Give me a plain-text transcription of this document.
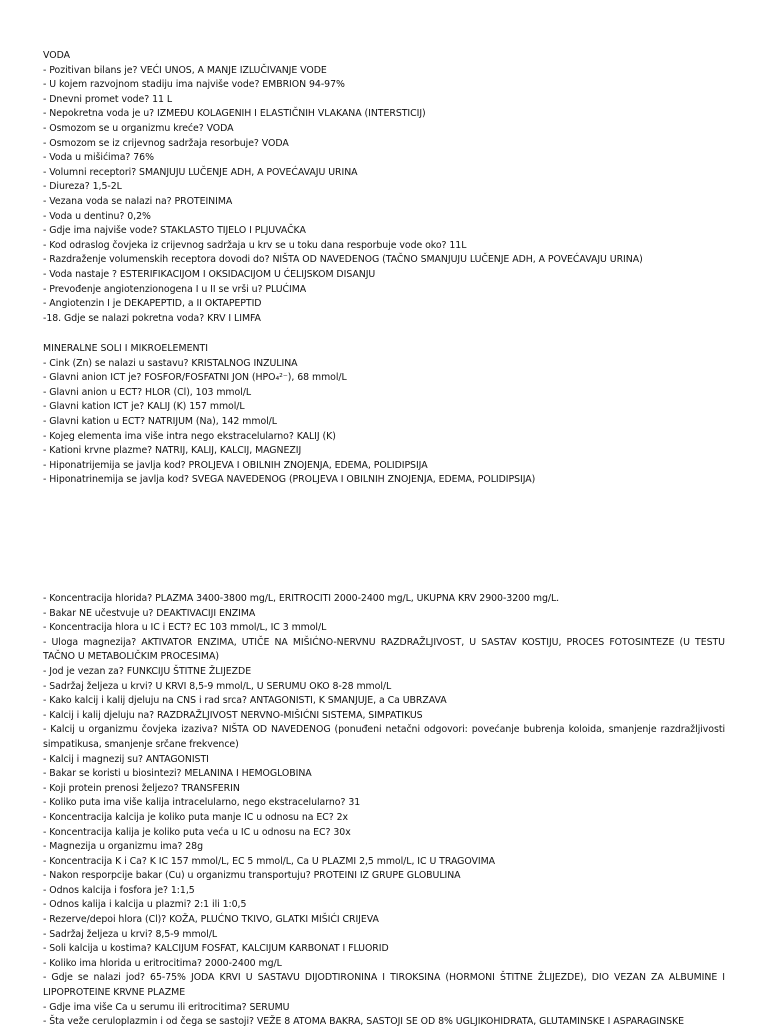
VODA
- Pozitivan bilans je? VEĆI UNOS, A MANJE IZLUČIVANJE VODE
- U kojem razvojnom stadiju ima najviše vode? EMBRION 94-97%
- Dnevni promet vode? 11 L
- Nepokretna voda je u? IZMEĐU KOLAGENIH I ELASTIČNIH VLAKANA (INTERSTICIJ)
- Osmozom se u organizmu kreće? VODA
- Osmozom se iz crijevnog sadržaja resorbuje? VODA
- Voda u mišićima? 76%
- Volumni receptori? SMANJUJU LUČENJE ADH, A POVEĆAVAJU URINA
- Diureza? 1,5-2L
- Vezana voda se nalazi na? PROTEINIMA
- Voda u dentinu? 0,2%
- Gdje ima najviše vode? STAKLASTO TIJELO I PLJUVAČKA
- Kod odraslog čovjeka iz crijevnog sadržaja u krv se u toku dana resporbuje vode oko? 11L
- Razdraženje volumenskih receptora dovodi do? NIŠTA OD NAVEDENOG (TAČNO SMANJUJU LUČENJE ADH, A POVEĆAVAJU URINA)
- Voda nastaje ? ESTERIFIKACIJOM I OKSIDACIJOM U ĆELIJSKOM DISANJU
- Prevođenje angiotenzionogena I u II se vrši u? PLUĆIMA
- Angiotenzin I je DEKAPEPTID, a II OKTAPEPTID
-18. Gdje se nalazi pokretna voda? KRV I LIMFA
MINERALNE SOLI I MIKROELEMENTI
- Cink (Zn) se nalazi u sastavu? KRISTALNOG INZULINA
- Glavni anion ICT je? FOSFOR/FOSFATNI JON (HPO₄²⁻), 68 mmol/L
- Glavni anion u ECT? HLOR (Cl), 103 mmol/L
- Glavni kation ICT je? KALIJ (K) 157 mmol/L
- Glavni kation u ECT? NATRIJUM (Na), 142 mmol/L
- Kojeg elementa ima više intra nego ekstracelularno? KALIJ (K)
- Kationi krvne plazme? NATRIJ, KALIJ, KALCIJ, MAGNEZIJ
- Hiponatrijemija se javlja kod? PROLJEVA I OBILNIH ZNOJENJA, EDEMA, POLIDIPSIJA
- Hiponatrinemija se javlja kod? SVEGA NAVEDENOG (PROLJEVA I OBILNIH ZNOJENJA, EDEMA, POLIDIPSIJA)
- Koncentracija hlorida? PLAZMA 3400-3800 mg/L, ERITROCITI 2000-2400 mg/L, UKUPNA KRV 2900-3200 mg/L.
- Bakar NE učestvuje u? DEAKTIVACIJI ENZIMA
- Koncentracija hlora u IC i ECT? EC 103 mmol/L, IC 3 mmol/L
- Uloga magnezija? AKTIVATOR ENZIMA, UTIČE NA MIŠIĆNO-NERVNU RAZDRAŽLJIVOST, U SASTAV KOSTIJU, PROCES FOTOSINTEZE (U TESTU TAČNO U METABOLIČKIM PROCESIMA)
- Jod je vezan za? FUNKCIJU ŠTITNE ŽLIJEZDE
- Sadržaj željeza u krvi? U KRVI 8,5-9 mmol/L, U SERUMU OKO 8-28 mmol/L
- Kako kalcij i kalij djeluju na CNS i rad srca? ANTAGONISTI, K SMANJUJE, a Ca UBRZAVA
- Kalcij i kalij djeluju na? RAZDRAŽLJIVOST NERVNO-MIŠIĆNI SISTEMA, SIMPATIKUS
- Kalcij u organizmu čovjeka izaziva? NIŠTA OD NAVEDENOG (ponuđeni netačni odgovori: povećanje bubrenja koloida, smanjenje razdražljivosti simpatikusa, smanjenje srčane frekvence)
- Kalcij i magnezij su? ANTAGONISTI
- Bakar se koristi u biosintezi? MELANINA I HEMOGLOBINA
- Koji protein prenosi željezo? TRANSFERIN
- Koliko puta ima više kalija intracelularno, nego ekstracelularno? 31
- Koncentracija kalcija je koliko puta manje IC u odnosu na EC? 2x
- Koncentracija kalija je koliko puta veća u IC u odnosu na EC? 30x
- Magnezija u organizmu ima? 28g
- Koncentracija K i Ca? K IC 157 mmol/L, EC 5 mmol/L, Ca U PLAZMI 2,5 mmol/L, IC U TRAGOVIMA
- Nakon resporpcije bakar (Cu) u organizmu transportuju? PROTEINI IZ GRUPE GLOBULINA
- Odnos kalcija i fosfora je? 1:1,5
- Odnos kalija i kalcija u plazmi? 2:1 ili 1:0,5
- Rezerve/depoi hlora (Cl)? KOŽA, PLUĆNO TKIVO, GLATKI MIŠIĆI CRIJEVA
- Sadržaj željeza u krvi? 8,5-9 mmol/L
- Soli kalcija u kostima? KALCIJUM FOSFAT, KALCIJUM KARBONAT I FLUORID
- Koliko ima hlorida u eritrocitima? 2000-2400 mg/L
- Gdje se nalazi jod? 65-75% JODA KRVI U SASTAVU DIJODTIRONINA I TIROKSINA (HORMONI ŠTITNE ŽLIJEZDE), DIO VEZAN ZA ALBUMINE I LIPOPROTEINE KRVNE PLAZME
- Gdje ima više Ca u serumu ili eritrocitima? SERUMU
- Šta veže ceruloplazmin i od čega se sastoji? VEŽE 8 ATOMA BAKRA, SASTOJI SE OD 8% UGLJIKOHIDRATA, GLUTAMINSKE I ASPARAGINSKE
